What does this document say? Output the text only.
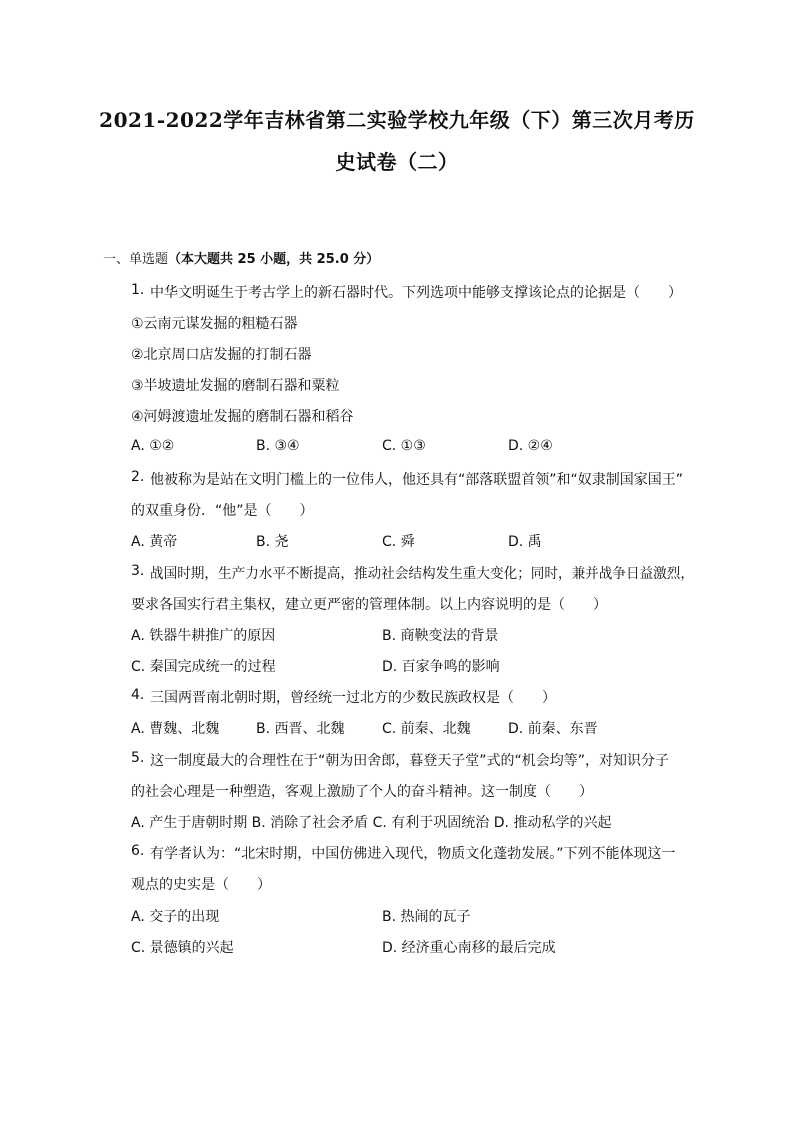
2021-2022学年吉林省第二实验学校九年级（下）第三次月考历
史试卷（二）
一、单选题（本大题共 25 小题，共 25.0 分）
1. 中华文明诞生于考古学上的新石器时代。下列选项中能够支撑该论点的论据是（　　）
①云南元谋发掘的粗糙石器
②北京周口店发掘的打制石器
③半坡遗址发掘的磨制石器和粟粒
④河姆渡遗址发掘的磨制石器和稻谷
A. ①②	B. ③④	C. ①③	D. ②④
2. 他被称为是站在文明门槛上的一位伟人，他还具有“部落联盟首领”和“奴隶制国家国王”
的双重身份．“他”是（　　）
A. 黄帝	B. 尧	C. 舜	D. 禹
3. 战国时期，生产力水平不断提高，推动社会结构发生重大变化；同时，兼并战争日益激烈，
要求各国实行君主集权，建立更严密的管理体制。以上内容说明的是（　　）
A. 铁器牛耕推广的原因	B. 商鞅变法的背景
C. 秦国完成统一的过程	D. 百家争鸣的影响
4. 三国两晋南北朝时期，曾经统一过北方的少数民族政权是（　　）
A. 曹魏、北魏	B. 西晋、北魏	C. 前秦、北魏	D. 前秦、东晋
5. 这一制度最大的合理性在于“朝为田舍郎，暮登天子堂”式的“机会均等”，对知识分子
的社会心理是一种塑造，客观上激励了个人的奋斗精神。这一制度（　　）
A. 产生于唐朝时期 B. 消除了社会矛盾 C. 有利于巩固统治 D. 推动私学的兴起
6. 有学者认为：“北宋时期，中国仿佛进入现代，物质文化蓬勃发展。”下列不能体现这一
观点的史实是（　　）
A. 交子的出现	B. 热闹的瓦子
C. 景德镇的兴起	D. 经济重心南移的最后完成
